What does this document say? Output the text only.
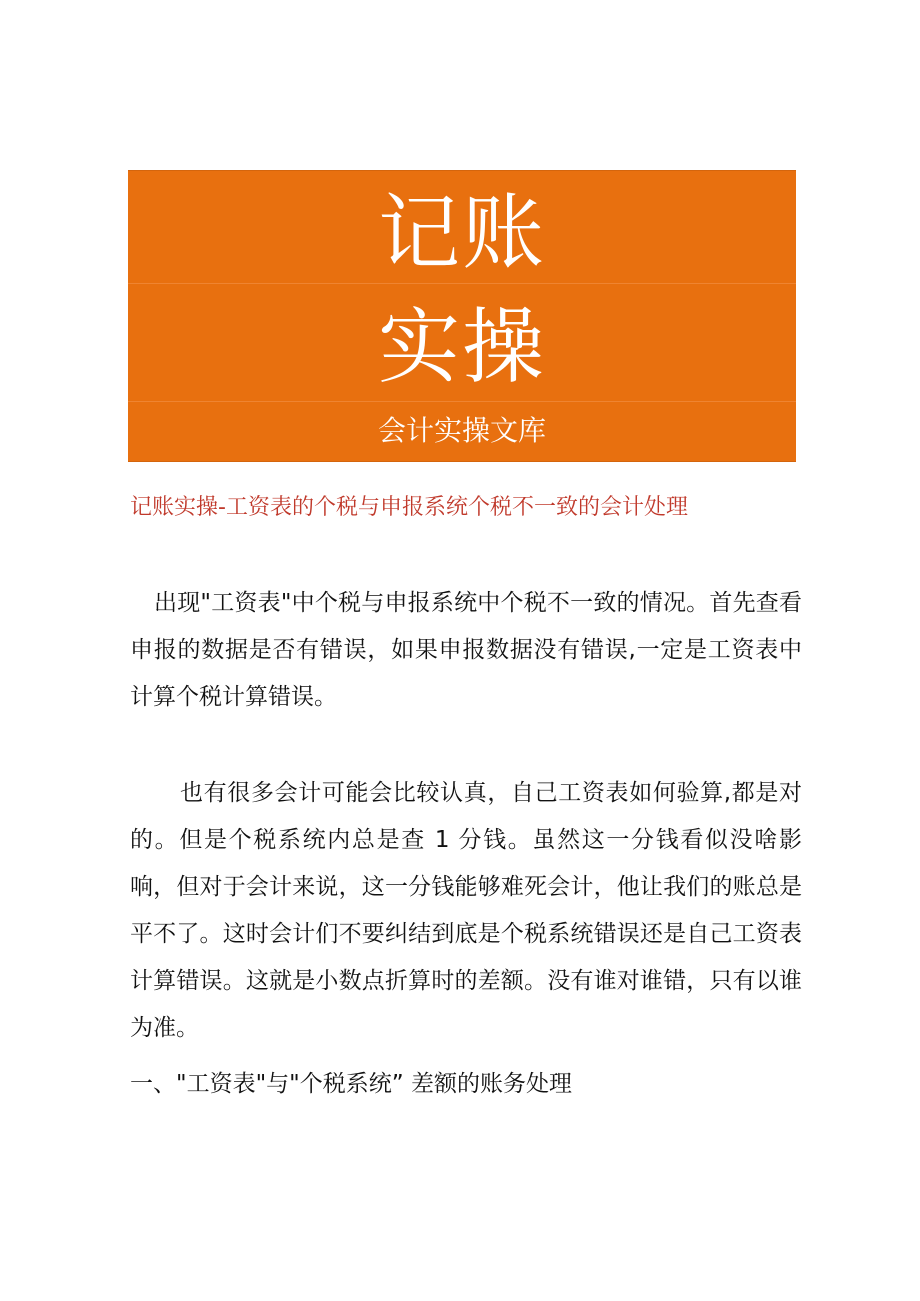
记账
实操
会计实操文库
记账实操-工资表的个税与申报系统个税不一致的会计处理
出现"工资表"中个税与申报系统中个税不一致的情况。首先查看申报的数据是否有错误，如果申报数据没有错误,一定是工资表中计算个税计算错误。
也有很多会计可能会比较认真，自己工资表如何验算,都是对的。但是个税系统内总是查 1 分钱。虽然这一分钱看似没啥影响，但对于会计来说，这一分钱能够难死会计，他让我们的账总是平不了。这时会计们不要纠结到底是个税系统错误还是自己工资表计算错误。这就是小数点折算时的差额。没有谁对谁错，只有以谁为准。
一、"工资表"与"个税系统” 差额的账务处理
